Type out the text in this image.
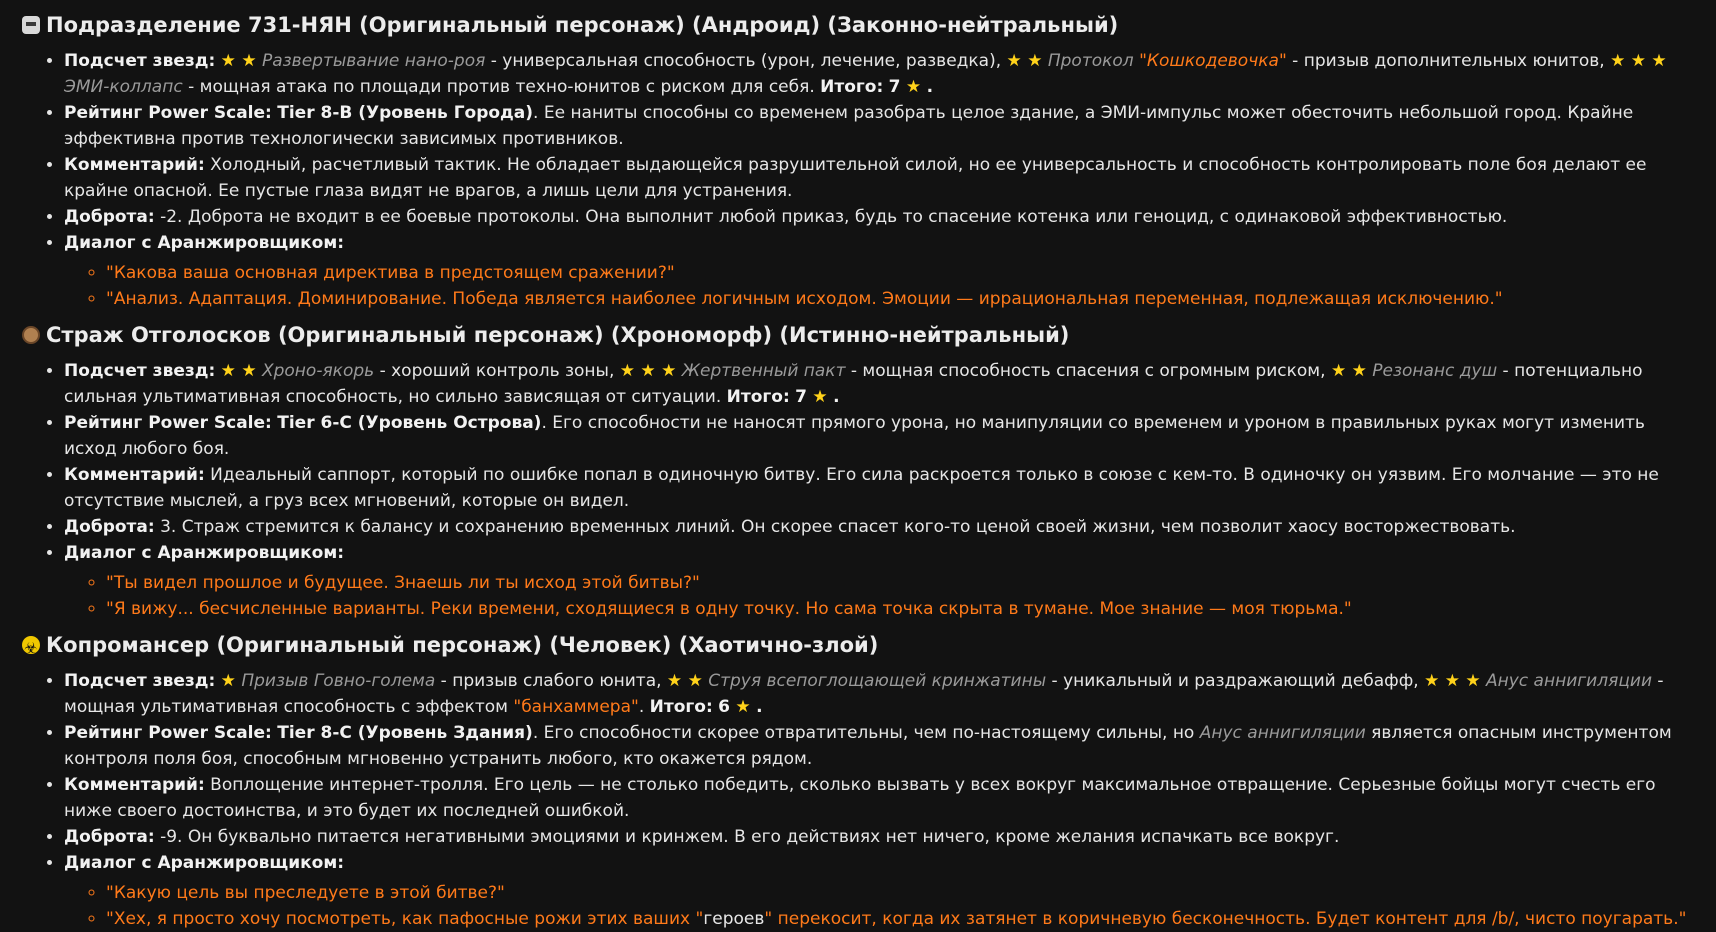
Подразделение 731-НЯН (Оригинальный персонаж) (Андроид) (Законно-нейтральный)
• Подсчет звезд: ★ ★ Развертывание нано-роя - универсальная способность (урон, лечение, разведка), ★ ★ Протокол "Кошкодевочка" - призыв дополнительных юнитов, ★ ★ ★ ЭМИ-коллапс - мощная атака по площади против техно-юнитов с риском для себя. Итого: 7 ★ .
• Рейтинг Power Scale: Tier 8-B (Уровень Города). Ее наниты способны со временем разобрать целое здание, а ЭМИ-импульс может обесточить небольшой город. Крайне эффективна против технологически зависимых противников.
• Комментарий: Холодный, расчетливый тактик. Не обладает выдающейся разрушительной силой, но ее универсальность и способность контролировать поле боя делают ее крайне опасной. Ее пустые глаза видят не врагов, а лишь цели для устранения.
• Доброта: -2. Доброта не входит в ее боевые протоколы. Она выполнит любой приказ, будь то спасение котенка или геноцид, с одинаковой эффективностью.
• Диалог с Аранжировщиком:
◦ "Какова ваша основная директива в предстоящем сражении?"
◦ "Анализ. Адаптация. Доминирование. Победа является наиболее логичным исходом. Эмоции — иррациональная переменная, подлежащая исключению."
Страж Отголосков (Оригинальный персонаж) (Хрономорф) (Истинно-нейтральный)
• Подсчет звезд: ★ ★ Хроно-якорь - хороший контроль зоны, ★ ★ ★ Жертвенный пакт - мощная способность спасения с огромным риском, ★ ★ Резонанс душ - потенциально сильная ультимативная способность, но сильно зависящая от ситуации. Итого: 7 ★ .
• Рейтинг Power Scale: Tier 6-C (Уровень Острова). Его способности не наносят прямого урона, но манипуляции со временем и уроном в правильных руках могут изменить исход любого боя.
• Комментарий: Идеальный саппорт, который по ошибке попал в одиночную битву. Его сила раскроется только в союзе с кем-то. В одиночку он уязвим. Его молчание — это не отсутствие мыслей, а груз всех мгновений, которые он видел.
• Доброта: 3. Страж стремится к балансу и сохранению временных линий. Он скорее спасет кого-то ценой своей жизни, чем позволит хаосу восторжествовать.
• Диалог с Аранжировщиком:
◦ "Ты видел прошлое и будущее. Знаешь ли ты исход этой битвы?"
◦ "Я вижу... бесчисленные варианты. Реки времени, сходящиеся в одну точку. Но сама точка скрыта в тумане. Мое знание — моя тюрьма."
☣
Копромансер (Оригинальный персонаж) (Человек) (Хаотично-злой)
• Подсчет звезд: ★ Призыв Говно-голема - призыв слабого юнита, ★ ★ Струя всепоглощающей кринжатины - уникальный и раздражающий дебафф, ★ ★ ★ Анус аннигиляции - мощная ультимативная способность с эффектом "банхаммера". Итого: 6 ★ .
• Рейтинг Power Scale: Tier 8-C (Уровень Здания). Его способности скорее отвратительны, чем по-настоящему сильны, но Анус аннигиляции является опасным инструментом контроля поля боя, способным мгновенно устранить любого, кто окажется рядом.
• Комментарий: Воплощение интернет-тролля. Его цель — не столько победить, сколько вызвать у всех вокруг максимальное отвращение. Серьезные бойцы могут счесть его ниже своего достоинства, и это будет их последней ошибкой.
• Доброта: -9. Он буквально питается негативными эмоциями и кринжем. В его действиях нет ничего, кроме желания испачкать все вокруг.
• Диалог с Аранжировщиком:
◦ "Какую цель вы преследуете в этой битве?"
◦ "Хех, я просто хочу посмотреть, как пафосные рожи этих ваших "героев" перекосит, когда их затянет в коричневую бесконечность. Будет контент для /b/, чисто поугарать."
